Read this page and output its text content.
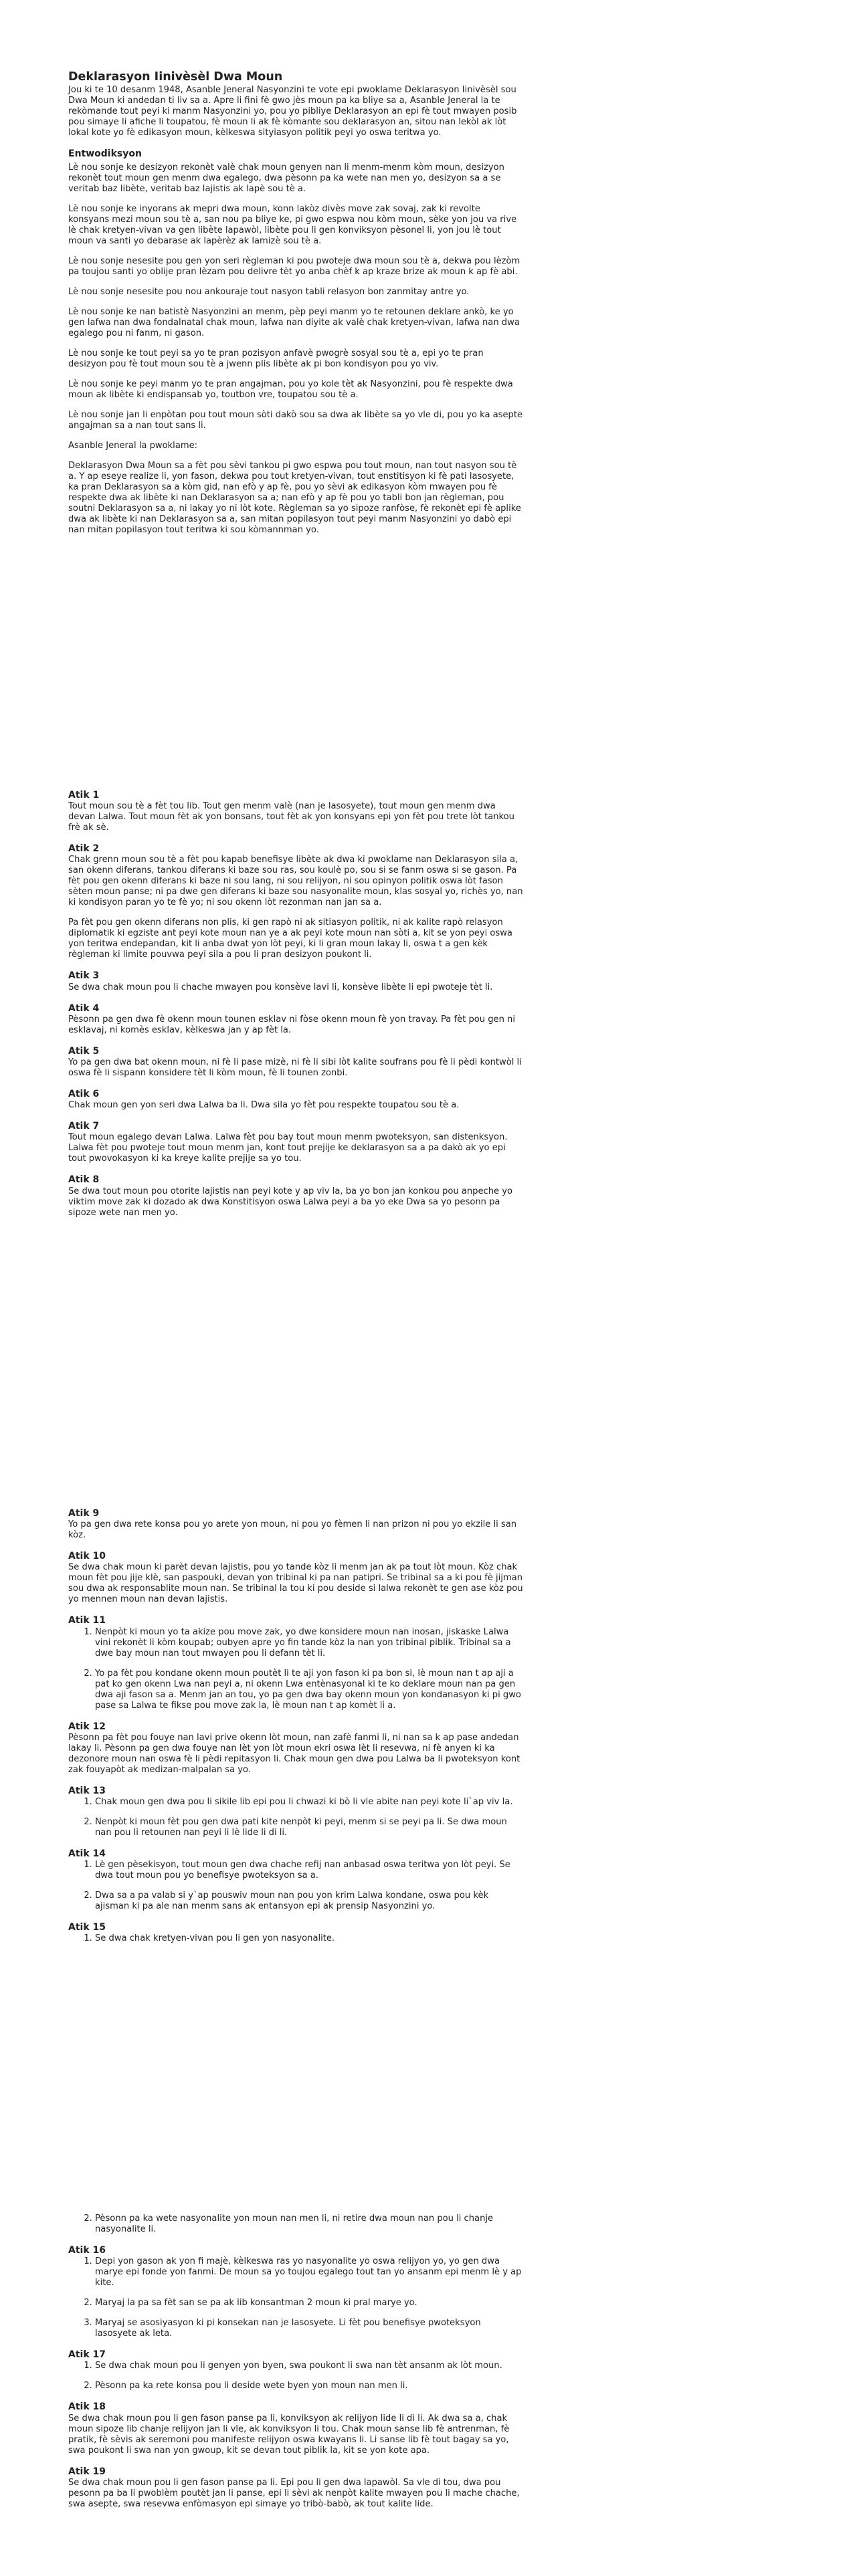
Deklarasyon Iinivèsèl Dwa Moun

Jou ki te 10 desanm 1948, Asanble Jeneral Nasyonzini te vote epi pwoklame Deklarasyon Iinivèsèl sou Dwa Moun ki andedan ti liv sa a. Apre li fini fè gwo jès moun pa ka bliye sa a, Asanble Jeneral la te rekòmande tout peyi ki manm Nasyonzini yo, pou yo pibliye Deklarasyon an epi fè tout mwayen posib pou simaye li afiche li toupatou, fè moun li ak fè kòmante sou deklarasyon an, sitou nan lekòl ak lòt lokal kote yo fè edikasyon moun, kèlkeswa sityiasyon politik peyi yo oswa teritwa yo.

Entwodiksyon

Lè nou sonje ke desizyon rekonèt valè chak moun genyen nan li menm-menm kòm moun, desizyon rekonèt tout moun gen menm dwa egalego, dwa pèsonn pa ka wete nan men yo, desizyon sa a se veritab baz libète, veritab baz lajistis ak lapè sou tè a.

Lè nou sonje ke inyorans ak mepri dwa moun, konn lakòz divès move zak sovaj, zak ki revolte konsyans mezi moun sou tè a, san nou pa bliye ke, pi gwo espwa nou kòm moun, sèke yon jou va rive lè chak kretyen-vivan va gen libète lapawòl, libète pou li gen konviksyon pèsonel li, yon jou lè tout moun va santi yo debarase ak lapèrèz ak lamizè sou tè a.

Lè nou sonje nesesite pou gen yon seri règleman ki pou pwoteje dwa moun sou tè a, dekwa pou lèzòm pa toujou santi yo oblije pran lèzam pou delivre tèt yo anba chèf k ap kraze brize ak moun k ap fè abi.

Lè nou sonje nesesite pou nou ankouraje tout nasyon tabli relasyon bon zanmitay antre yo.

Lè nou sonje ke nan batistè Nasyonzini an menm, pèp peyi manm yo te retounen deklare ankò, ke yo gen lafwa nan dwa fondalnatal chak moun, lafwa nan diyite ak valè chak kretyen-vivan, lafwa nan dwa egalego pou ni fanm, ni gason.

Lè nou sonje ke tout peyi sa yo te pran pozisyon anfavè pwogrè sosyal sou tè a, epi yo te pran desizyon pou fè tout moun sou tè a jwenn plis libète ak pi bon kondisyon pou yo viv.

Lè nou sonje ke peyi manm yo te pran angajman, pou yo kole tèt ak Nasyonzini, pou fè respekte dwa moun ak libète ki endispansab yo, toutbon vre, toupatou sou tè a.

Lè nou sonje jan li enpòtan pou tout moun sòti dakò sou sa dwa ak libète sa yo vle di, pou yo ka asepte angajman sa a nan tout sans li.

Asanble Jeneral la pwoklame:

Deklarasyon Dwa Moun sa a fèt pou sèvi tankou pi gwo espwa pou tout moun, nan tout nasyon sou tè a. Y ap eseye realize li, yon fason, dekwa pou tout kretyen-vivan, tout enstitisyon ki fè pati lasosyete, ka pran Deklarasyon sa a kòm gid, nan efò y ap fè, pou yo sèvi ak edikasyon kòm mwayen pou fè respekte dwa ak libète ki nan Deklarasyon sa a; nan efò y ap fè pou yo tabli bon jan règleman, pou soutni Deklarasyon sa a, ni lakay yo ni lòt kote. Règleman sa yo sipoze ranfòse, fè rekonèt epi fè aplike dwa ak libète ki nan Deklarasyon sa a, san mitan popilasyon tout peyi manm Nasyonzini yo dabò epi nan mitan popilasyon tout teritwa ki sou kòmannman yo.

Atik 1

Tout moun sou tè a fèt tou lib. Tout gen menm valè (nan je lasosyete), tout moun gen menm dwa devan Lalwa. Tout moun fèt ak yon bonsans, tout fèt ak yon konsyans epi yon fèt pou trete lòt tankou frè ak sè.

Atik 2

Chak grenn moun sou tè a fèt pou kapab benefisye libète ak dwa ki pwoklame nan Deklarasyon sila a, san okenn diferans, tankou diferans ki baze sou ras, sou koulè po, sou si se fanm oswa si se gason. Pa fèt pou gen okenn diferans ki baze ni sou lang, ni sou relijyon, ni sou opinyon politik oswa lòt fason sèten moun panse; ni pa dwe gen diferans ki baze sou nasyonalite moun, klas sosyal yo, richès yo, nan ki kondisyon paran yo te fè yo; ni sou okenn lòt rezonman nan jan sa a.

Pa fèt pou gen okenn diferans non plis, ki gen rapò ni ak sitiasyon politik, ni ak kalite rapò relasyon diplomatik ki egziste ant peyi kote moun nan ye a ak peyi kote moun nan sòti a, kit se yon peyi oswa yon teritwa endepandan, kit li anba dwat yon lòt peyi, ki li gran moun lakay li, oswa t a gen kèk règleman ki limite pouvwa peyi sila a pou li pran desizyon poukont li.

Atik 3

Se dwa chak moun pou li chache mwayen pou konsève lavi li, konsève libète li epi pwoteje tèt li.

Atik 4

Pèsonn pa gen dwa fè okenn moun tounen esklav ni fòse okenn moun fè yon travay. Pa fèt pou gen ni esklavaj, ni komès esklav, kèlkeswa jan y ap fèt la.

Atik 5

Yo pa gen dwa bat okenn moun, ni fè li pase mizè, ni fè li sibi lòt kalite soufrans pou fè li pèdi kontwòl li oswa fè li sispann konsidere tèt li kòm moun, fè li tounen zonbi.

Atik 6

Chak moun gen yon seri dwa Lalwa ba li. Dwa sila yo fèt pou respekte toupatou sou tè a.

Atik 7

Tout moun egalego devan Lalwa. Lalwa fèt pou bay tout moun menm pwoteksyon, san distenksyon. Lalwa fèt pou pwoteje tout moun menm jan, kont tout prejije ke deklarasyon sa a pa dakò ak yo epi tout pwovokasyon ki ka kreye kalite prejije sa yo tou.

Atik 8

Se dwa tout moun pou otorite lajistis nan peyi kote y ap viv la, ba yo bon jan konkou pou anpeche yo viktim move zak ki dozado ak dwa Konstitisyon oswa Lalwa peyi a ba yo eke Dwa sa yo pesonn pa sipoze wete nan men yo.

Atik 9

Yo pa gen dwa rete konsa pou yo arete yon moun, ni pou yo fèmen li nan prizon ni pou yo ekzile li san kòz.

Atik 10

Se dwa chak moun ki parèt devan lajistis, pou yo tande kòz li menm jan ak pa tout lòt moun. Kòz chak moun fèt pou jije klè, san paspouki, devan yon tribinal ki pa nan patipri. Se tribinal sa a ki pou fè jijman sou dwa ak responsablite moun nan. Se tribinal la tou ki pou deside si lalwa rekonèt te gen ase kòz pou yo mennen moun nan devan lajistis.

Atik 11
1. Nenpòt ki moun yo ta akize pou move zak, yo dwe konsidere moun nan inosan, jiskaske Lalwa vini rekonèt li kòm koupab; oubyen apre yo fin tande kòz la nan yon tribinal piblik. Tribinal sa a dwe bay moun nan tout mwayen pou li defann tèt li.
2. Yo pa fèt pou kondane okenn moun poutèt li te aji yon fason ki pa bon si, lè moun nan t ap aji a pat ko gen okenn Lwa nan peyi a, ni okenn Lwa entènasyonal ki te ko deklare moun nan pa gen dwa aji fason sa a. Menm jan an tou, yo pa gen dwa bay okenn moun yon kondanasyon ki pi gwo pase sa Lalwa te fikse pou move zak la, lè moun nan t ap komèt li a.
Atik 12

Pèsonn pa fèt pou fouye nan lavi prive okenn lòt moun, nan zafè fanmi li, ni nan sa k ap pase andedan lakay li. Pèsonn pa gen dwa fouye nan lèt yon lòt moun ekri oswa lèt li resevwa, ni fè anyen ki ka dezonore moun nan oswa fè li pèdi repitasyon li. Chak moun gen dwa pou Lalwa ba li pwoteksyon kont zak fouyapòt ak medizan-malpalan sa yo.

Atik 13
1. Chak moun gen dwa pou li sikile lib epi pou li chwazi ki bò li vle abite nan peyi kote li`ap viv la.
2. Nenpòt ki moun fèt pou gen dwa pati kite nenpòt ki peyi, menm si se peyi pa li. Se dwa moun nan pou li retounen nan peyi li lè lide li di li.
Atik 14
1. Lè gen pèsekisyon, tout moun gen dwa chache refij nan anbasad oswa teritwa yon lòt peyi. Se dwa tout moun pou yo benefisye pwoteksyon sa a.
2. Dwa sa a pa valab si y`ap pouswiv moun nan pou yon krim Lalwa kondane, oswa pou kèk ajisman ki pa ale nan menm sans ak entansyon epi ak prensip Nasyonzini yo.
Atik 15
1. Se dwa chak kretyen-vivan pou li gen yon nasyonalite.
2. Pèsonn pa ka wete nasyonalite yon moun nan men li, ni retire dwa moun nan pou li chanje nasyonalite li.
Atik 16
1. Depi yon gason ak yon fi majè, kèlkeswa ras yo nasyonalite yo oswa relijyon yo, yo gen dwa marye epi fonde yon fanmi. De moun sa yo toujou egalego tout tan yo ansanm epi menm lè y ap kite.
2. Maryaj la pa sa fèt san se pa ak lib konsantman 2 moun ki pral marye yo.
3. Maryaj se asosiyasyon ki pi konsekan nan je lasosyete. Li fèt pou benefisye pwoteksyon lasosyete ak leta.
Atik 17
1. Se dwa chak moun pou li genyen yon byen, swa poukont li swa nan tèt ansanm ak lòt moun.
2. Pèsonn pa ka rete konsa pou li deside wete byen yon moun nan men li.
Atik 18

Se dwa chak moun pou li gen fason panse pa li, konviksyon ak relijyon lide li di li. Ak dwa sa a, chak moun sipoze lib chanje relijyon jan li vle, ak konviksyon li tou. Chak moun sanse lib fè antrenman, fè pratik, fè sèvis ak seremoni pou manifeste relijyon oswa kwayans li. Li sanse lib fè tout bagay sa yo, swa poukont li swa nan yon gwoup, kit se devan tout piblik la, kit se yon kote apa.

Atik 19

Se dwa chak moun pou li gen fason panse pa li. Epi pou li gen dwa lapawòl. Sa vle di tou, dwa pou pesonn pa ba li pwoblèm poutèt jan li panse, epi li sèvi ak nenpòt kalite mwayen pou li mache chache, swa asepte, swa resevwa enfòmasyon epi simaye yo tribò-babò, ak tout kalite lide.
